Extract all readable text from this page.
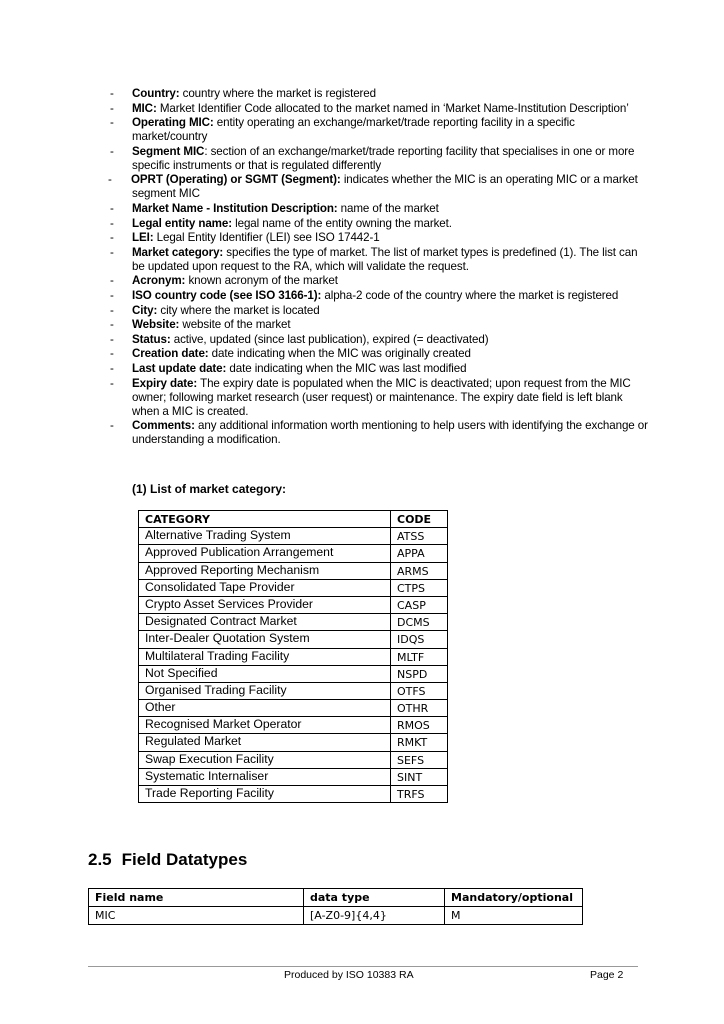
- Country: country where the market is registered
- MIC: Market Identifier Code allocated to the market named in ‘Market Name-Institution Description’
- Operating MIC: entity operating an exchange/market/trade reporting facility in a specific market/country
- Segment MIC: section of an exchange/market/trade reporting facility that specialises in one or more specific instruments or that is regulated differently
- OPRT (Operating) or SGMT (Segment): indicates whether the MIC is an operating MIC or a market segment MIC
- Market Name - Institution Description: name of the market
- Legal entity name: legal name of the entity owning the market.
- LEI: Legal Entity Identifier (LEI) see ISO 17442-1
- Market category: specifies the type of market. The list of market types is predefined (1). The list can be updated upon request to the RA, which will validate the request.
- Acronym: known acronym of the market
- ISO country code (see ISO 3166-1): alpha-2 code of the country where the market is registered
- City: city where the market is located
- Website: website of the market
- Status: active, updated (since last publication), expired (= deactivated)
- Creation date: date indicating when the MIC was originally created
- Last update date: date indicating when the MIC was last modified
- Expiry date: The expiry date is populated when the MIC is deactivated; upon request from the MIC owner; following market research (user request) or maintenance. The expiry date field is left blank when a MIC is created.
- Comments: any additional information worth mentioning to help users with identifying the exchange or understanding a modification.
(1) List of market category:
CATEGORY	CODE
Alternative Trading System	ATSS
Approved Publication Arrangement	APPA
Approved Reporting Mechanism	ARMS
Consolidated Tape Provider	CTPS
Crypto Asset Services Provider	CASP
Designated Contract Market	DCMS
Inter-Dealer Quotation System	IDQS
Multilateral Trading Facility	MLTF
Not Specified	NSPD
Organised Trading Facility	OTFS
Other	OTHR
Recognised Market Operator	RMOS
Regulated Market	RMKT
Swap Execution Facility	SEFS
Systematic Internaliser	SINT
Trade Reporting Facility	TRFS
2.5 Field Datatypes
Field name	data type	Mandatory/optional
MIC	[A-Z0-9]{4,4}	M
Produced by ISO 10383 RA	Page 2
